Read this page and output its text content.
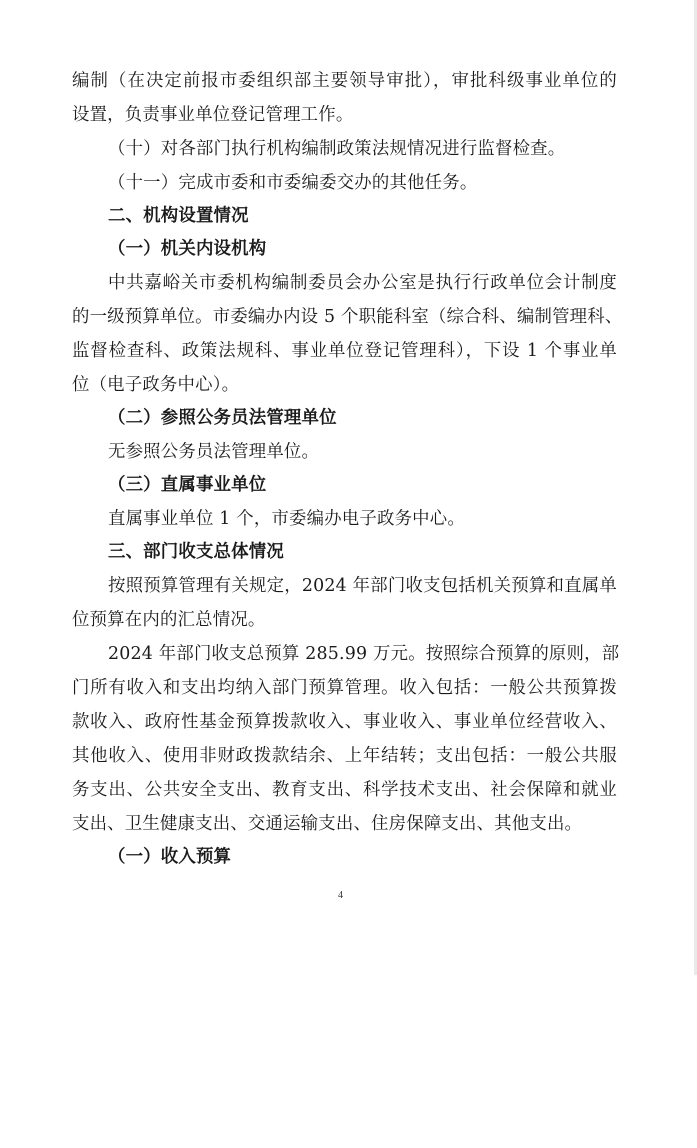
编制（在决定前报市委组织部主要领导审批），审批科级事业单位的
设置，负责事业单位登记管理工作。
（十）对各部门执行机构编制政策法规情况进行监督检查。
（十一）完成市委和市委编委交办的其他任务。
二、机构设置情况
（一）机关内设机构
中共嘉峪关市委机构编制委员会办公室是执行行政单位会计制度
的一级预算单位。市委编办内设 5 个职能科室（综合科、编制管理科、
监督检查科、政策法规科、事业单位登记管理科），下设 1 个事业单
位（电子政务中心）。
（二）参照公务员法管理单位
无参照公务员法管理单位。
（三）直属事业单位
直属事业单位 1 个，市委编办电子政务中心。
三、部门收支总体情况
按照预算管理有关规定，2024 年部门收支包括机关预算和直属单
位预算在内的汇总情况。
2024 年部门收支总预算 285.99 万元。按照综合预算的原则，部
门所有收入和支出均纳入部门预算管理。收入包括：一般公共预算拨
款收入、政府性基金预算拨款收入、事业收入、事业单位经营收入、
其他收入、使用非财政拨款结余、上年结转；支出包括：一般公共服
务支出、公共安全支出、教育支出、科学技术支出、社会保障和就业
支出、卫生健康支出、交通运输支出、住房保障支出、其他支出。
（一）收入预算
4
